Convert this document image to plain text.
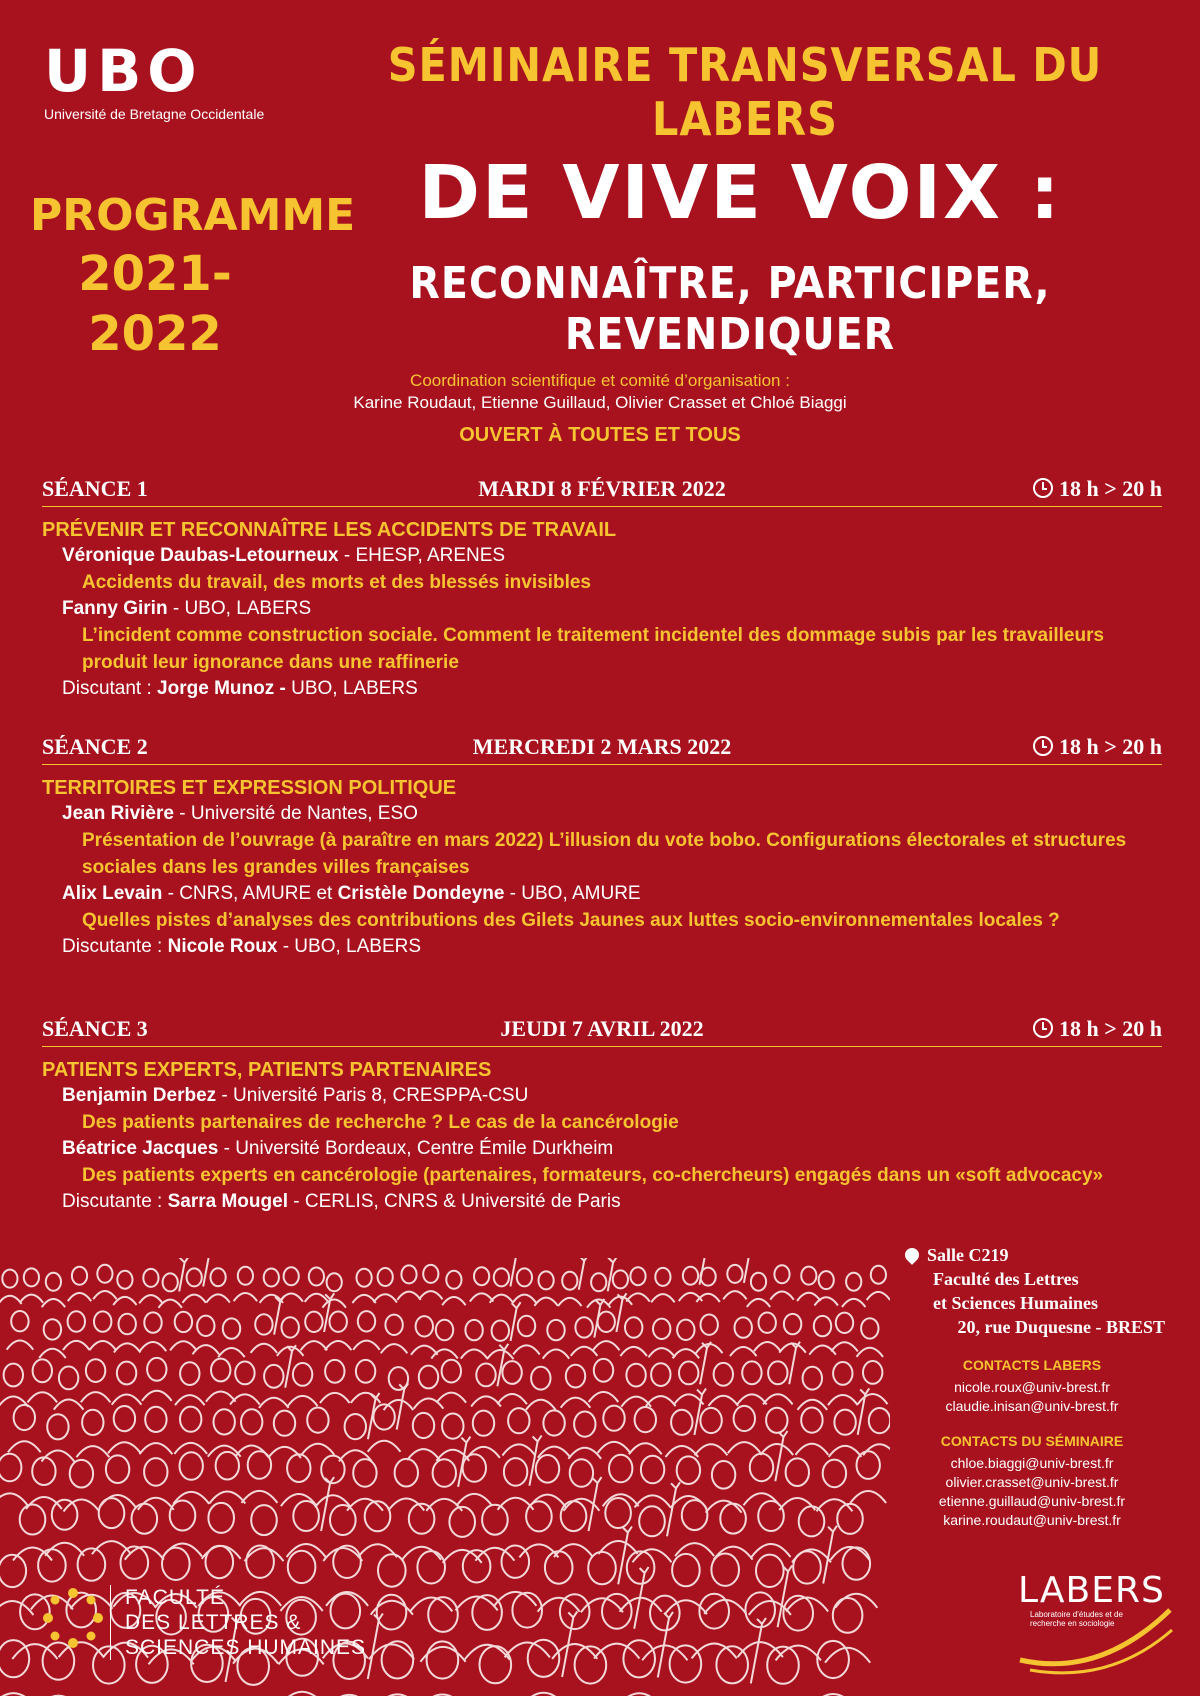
UBO
Université de Bretagne Occidentale
SÉMINAIRE TRANSVERSAL DU LABERS
PROGRAMME
2021-2022
DE VIVE VOIX :
RECONNAÎTRE, PARTICIPER, REVENDIQUER
Coordination scientifique et comité d’organisation :
Karine Roudaut, Etienne Guillaud, Olivier Crasset et Chloé Biaggi
OUVERT À TOUTES ET TOUS
SÉANCE 1	MARDI 8 FÉVRIER 2022	18 h > 20 h
PRÉVENIR ET RECONNAÎTRE LES ACCIDENTS DE TRAVAIL
Véronique Daubas-Letourneux - EHESP, ARENES
Accidents du travail, des morts et des blessés invisibles
Fanny Girin - UBO, LABERS
L’incident comme construction sociale. Comment le traitement incidentel des dommage subis par les travailleurs produit leur ignorance dans une raffinerie
Discutant : Jorge Munoz - UBO, LABERS
SÉANCE 2	MERCREDI 2 MARS 2022	18 h > 20 h
TERRITOIRES ET EXPRESSION POLITIQUE
Jean Rivière - Université de Nantes, ESO
Présentation de l’ouvrage (à paraître en mars 2022) L’illusion du vote bobo. Configurations électorales et structures sociales dans les grandes villes françaises
Alix Levain - CNRS, AMURE et Cristèle Dondeyne - UBO, AMURE
Quelles pistes d’analyses des contributions des Gilets Jaunes aux luttes socio-environnementales locales ?
Discutante : Nicole Roux - UBO, LABERS
SÉANCE 3	JEUDI 7 AVRIL 2022	18 h > 20 h
PATIENTS EXPERTS, PATIENTS PARTENAIRES
Benjamin Derbez - Université Paris 8, CRESPPA-CSU
Des patients partenaires de recherche ? Le cas de la cancérologie
Béatrice Jacques - Université Bordeaux, Centre Émile Durkheim
Des patients experts en cancérologie (partenaires, formateurs, co-chercheurs) engagés dans un «soft advocacy»
Discutante : Sarra Mougel - CERLIS, CNRS & Université de Paris
Salle C219
Faculté des Lettres
et Sciences Humaines
20, rue Duquesne - BREST
CONTACTS LABERS
nicole.roux@univ-brest.fr
claudie.inisan@univ-brest.fr
CONTACTS DU SÉMINAIRE
chloe.biaggi@univ-brest.fr
olivier.crasset@univ-brest.fr
etienne.guillaud@univ-brest.fr
karine.roudaut@univ-brest.fr
FACULTÉ
DES LETTRES &
SCIENCES HUMAINES
LABERS
Laboratoire d’études et de recherche en sociologie
